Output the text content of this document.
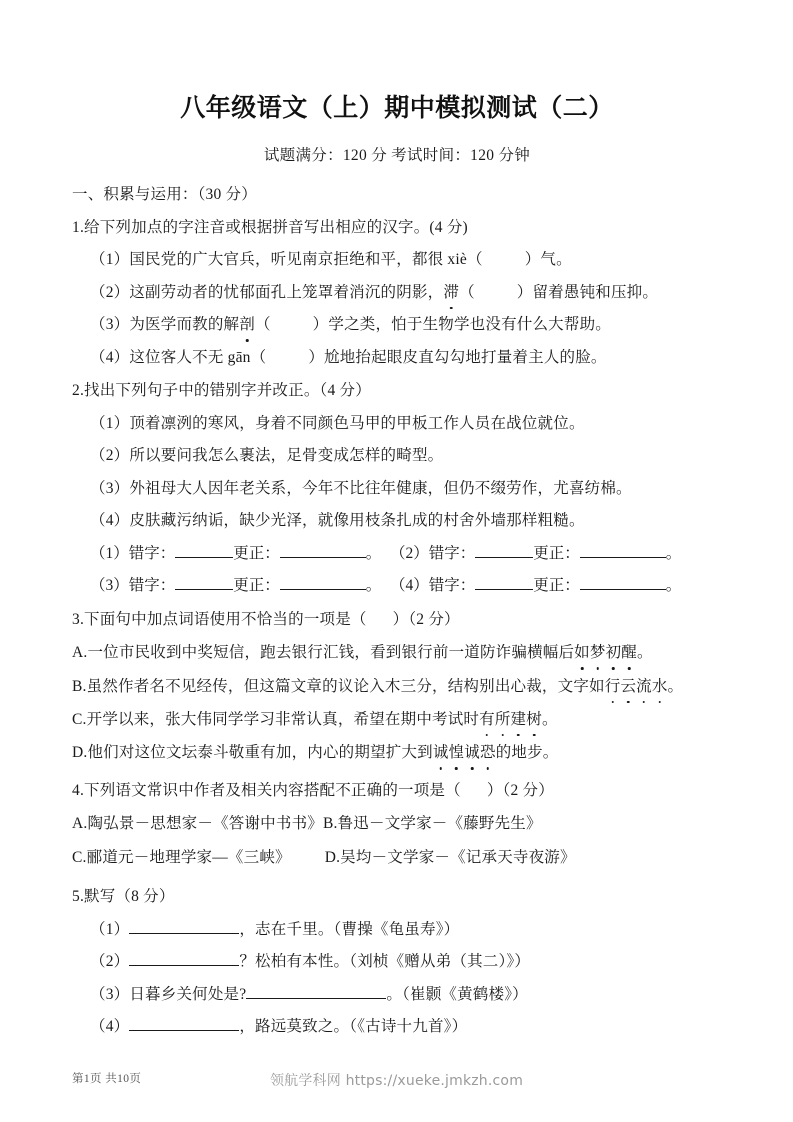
八年级语文（上）期中模拟测试（二）
试题满分：120 分 考试时间：120 分钟
一、积累与运用：（30 分）
1.给下列加点的字注音或根据拼音写出相应的汉字。(4 分)
（1）国民党的广大官兵，听见南京拒绝和平，都很 xiè（	）气。
（2）这副劳动者的忧郁面孔上笼罩着消沉的阴影，滞（	）留着愚钝和压抑。
（3）为医学而教的解剖（	）学之类，怕于生物学也没有什么大帮助。
（4）这位客人不无 gān（	）尬地抬起眼皮直勾勾地打量着主人的脸。
2.找出下列句子中的错别字并改正。（4 分）
（1）顶着凛洌的寒风，身着不同颜色马甲的甲板工作人员在战位就位。
（2）所以要问我怎么裹法，足骨变成怎样的畸型。
（3）外祖母大人因年老关系，今年不比往年健康，但仍不缀劳作，尤喜纺棉。
（4）皮肤藏污纳诟，缺少光泽，就像用枝条扎成的村舍外墙那样粗糙。
（1）错字：	更正：	。 （2）错字：	更正：	。
（3）错字：	更正：	。 （4）错字：	更正：	。
3.下面句中加点词语使用不恰当的一项是（ ）（2 分）
A.一位市民收到中奖短信，跑去银行汇钱，看到银行前一道防诈骗横幅后如梦初醒。
B.虽然作者名不见经传，但这篇文章的议论入木三分，结构别出心裁，文字如行云流水。
C.开学以来，张大伟同学学习非常认真，希望在期中考试时有所建树。
D.他们对这位文坛泰斗敬重有加，内心的期望扩大到诚惶诚恐的地步。
4.下列语文常识中作者及相关内容搭配不正确的一项是（ ）（2 分）
A.陶弘景－思想家－《答谢中书书》B.鲁迅－文学家－《藤野先生》
C.郦道元－地理学家—《三峡》 D.吴均－文学家－《记承天寺夜游》
5.默写（8 分）
（1）	，志在千里。（曹操《龟虽寿》）
（2）	？松柏有本性。（刘桢《赠从弟（其二）》）
（3）日暮乡关何处是?	。（崔颢《黄鹤楼》）
（4）	，路远莫致之。（《古诗十九首》）
第1页 共10页	领航学科网 https://xueke.jmkzh.com
